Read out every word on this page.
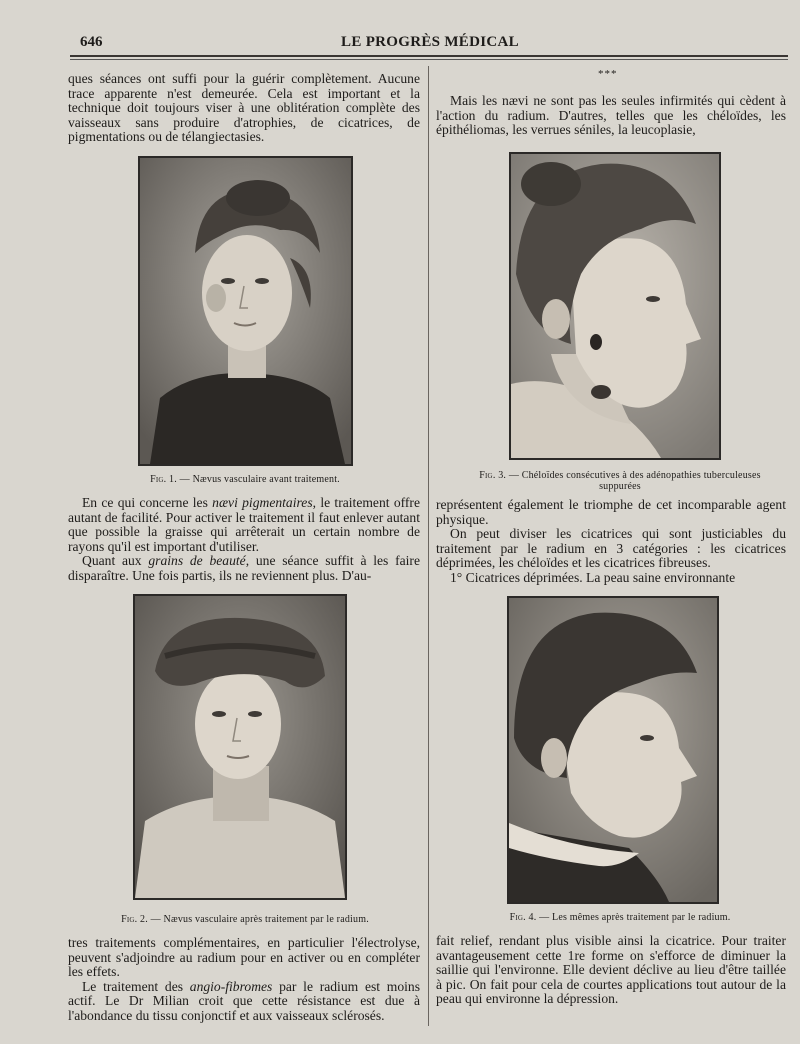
646	LE PROGRÈS MÉDICAL

ques séances ont suffi pour la guérir complètement. Aucune trace apparente n'est demeurée. Cela est important et la technique doit toujours viser à une oblitération complète des vaisseaux sans produire d'atrophies, de cicatrices, de pigmentations ou de télangiectasies.

Fig. 1. — Nævus vasculaire avant traitement.

En ce qui concerne les nævi pigmentaires, le traitement offre autant de facilité. Pour activer le traitement il faut enlever autant que possible la graisse qui arrêterait un certain nombre de rayons qu'il est important d'utiliser.

Quant aux grains de beauté, une séance suffit à les faire disparaître. Une fois partis, ils ne reviennent plus. D'au-

Fig. 2. — Nævus vasculaire après traitement par le radium.

tres traitements complémentaires, en particulier l'électrolyse, peuvent s'adjoindre au radium pour en activer ou en compléter les effets.

Le traitement des angio-fibromes par le radium est moins actif. Le Dr Milian croit que cette résistance est due à l'abondance du tissu conjonctif et aux vaisseaux sclérosés.

***

Mais les nævi ne sont pas les seules infirmités qui cèdent à l'action du radium. D'autres, telles que les chéloïdes, les épithéliomas, les verrues séniles, la leucoplasie,

Fig. 3. — Chéloïdes consécutives à des adénopathies tuberculeuses suppurées

représentent également le triomphe de cet incomparable agent physique.

On peut diviser les cicatrices qui sont justiciables du traitement par le radium en 3 catégories : les cicatrices déprimées, les chéloïdes et les cicatrices fibreuses.

1° Cicatrices déprimées. La peau saine environnante

Fig. 4. — Les mêmes après traitement par le radium.

fait relief, rendant plus visible ainsi la cicatrice. Pour traiter avantageusement cette 1re forme on s'efforce de diminuer la saillie qui l'environne. Elle devient déclive au lieu d'être taillée à pic. On fait pour cela de courtes applications tout autour de la peau qui environne la dépression.
